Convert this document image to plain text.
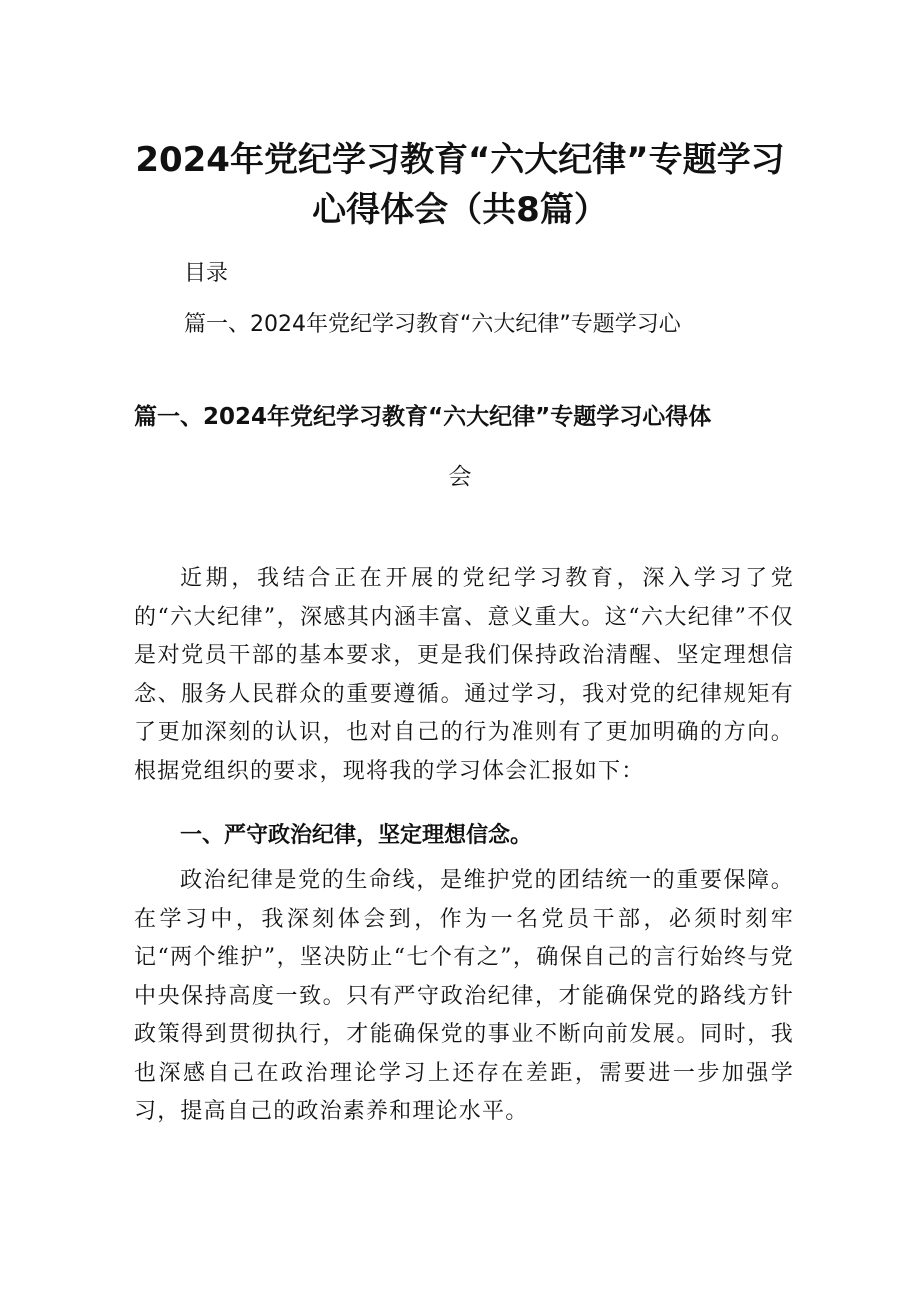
2024年党纪学习教育“六大纪律”专题学习
心得体会（共8篇）
目录
篇一、2024年党纪学习教育“六大纪律”专题学习心
篇一、2024年党纪学习教育“六大纪律”专题学习心得体
会

近期，我结合正在开展的党纪学习教育，深入学习了党的“六大纪律”，深感其内涵丰富、意义重大。这“六大纪律”不仅是对党员干部的基本要求，更是我们保持政治清醒、坚定理想信念、服务人民群众的重要遵循。通过学习，我对党的纪律规矩有了更加深刻的认识，也对自己的行为准则有了更加明确的方向。根据党组织的要求，现将我的学习体会汇报如下：

一、严守政治纪律，坚定理想信念。

政治纪律是党的生命线，是维护党的团结统一的重要保障。在学习中，我深刻体会到，作为一名党员干部，必须时刻牢记“两个维护”，坚决防止“七个有之”，确保自己的言行始终与党中央保持高度一致。只有严守政治纪律，才能确保党的路线方针政策得到贯彻执行，才能确保党的事业不断向前发展。同时，我也深感自己在政治理论学习上还存在差距，需要进一步加强学习，提高自己的政治素养和理论水平。
